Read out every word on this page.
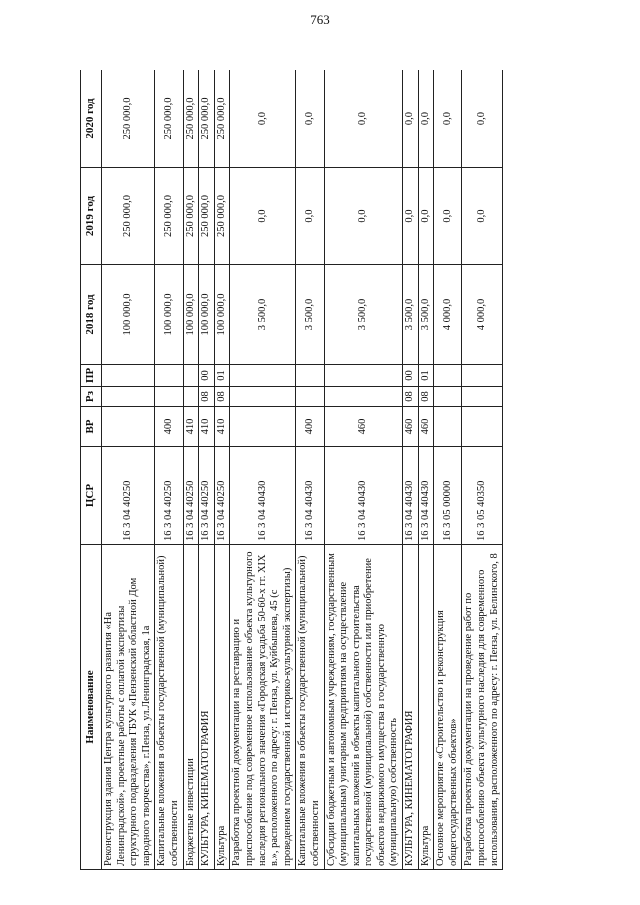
763
Наименование	ЦСР	ВР	Рз	ПР	2018 год	2019 год	2020 год
Реконструкция здания Центра культурного развития «На Ленинградской», проектные работы с оплатой экспертизы структурного подразделения ГБУК «Пензенский областной Дом народного творчества», г.Пенза, ул.Ленинградская, 1а	16 3 04 40250				100 000,0	250 000,0	250 000,0
Капитальные вложения в объекты государственной (муниципальной) собственности	16 3 04 40250	400			100 000,0	250 000,0	250 000,0
Бюджетные инвестиции	16 3 04 40250	410			100 000,0	250 000,0	250 000,0
КУЛЬТУРА, КИНЕМАТОГРАФИЯ	16 3 04 40250	410	08	00	100 000,0	250 000,0	250 000,0
Культура	16 3 04 40250	410	08	01	100 000,0	250 000,0	250 000,0
Разработка проектной документации на реставрацию и приспособление под современное использование объекта культурного наследия регионального значения «Городская усадьба 50-60-х гг. XIX в.», расположенного по адресу: г. Пенза, ул. Куйбышева, 45 (с проведением государственной и историко-культурной экспертизы)	16 3 04 40430				3 500,0	0,0	0,0
Капитальные вложения в объекты государственной (муниципальной) собственности	16 3 04 40430	400			3 500,0	0,0	0,0
Субсидии бюджетным и автономным учреждениям, государственным (муниципальным) унитарным предприятиям на осуществление капитальных вложений в объекты капитального строительства государственной (муниципальной) собственности или приобретение объектов недвижимого имущества в государственную (муниципальную) собственность	16 3 04 40430	460			3 500,0	0,0	0,0
КУЛЬТУРА, КИНЕМАТОГРАФИЯ	16 3 04 40430	460	08	00	3 500,0	0,0	0,0
Культура	16 3 04 40430	460	08	01	3 500,0	0,0	0,0
Основное мероприятие «Строительство и реконструкция общегосударственных объектов»	16 3 05 00000				4 000,0	0,0	0,0
Разработка проектной документации на проведение работ по приспособлению объекта культурного наследия для современного использования, расположенного по адресу: г. Пенза, ул. Белинского, 8	16 3 05 40350				4 000,0	0,0	0,0
